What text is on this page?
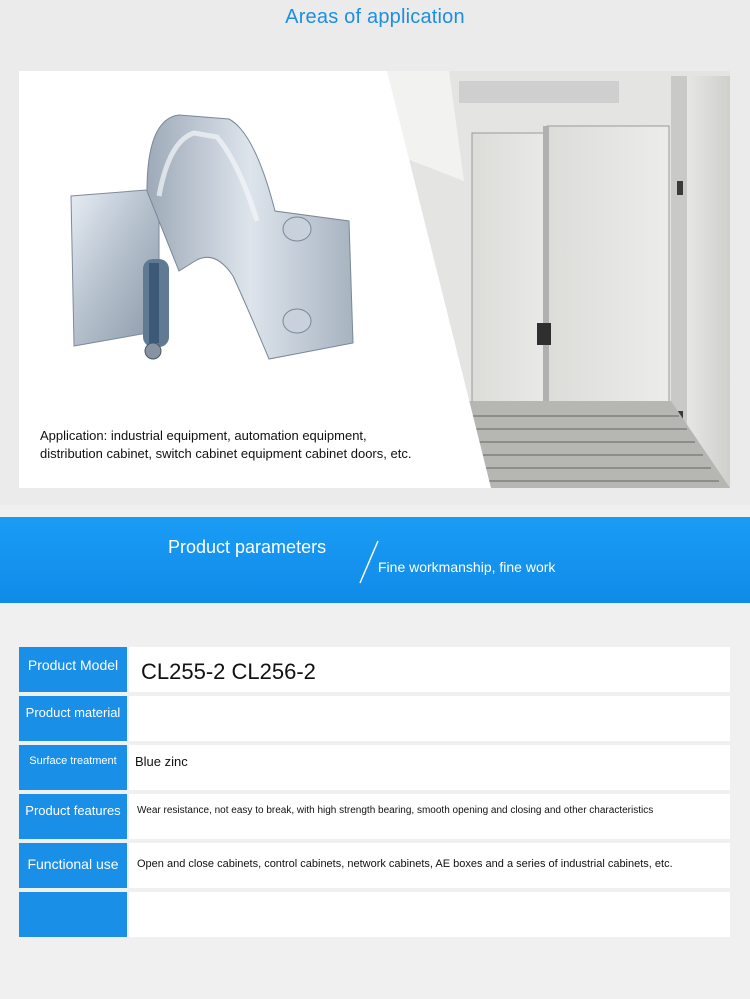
Areas of application
Application: industrial equipment, automation equipment, distribution cabinet, switch cabinet equipment cabinet doors, etc.
Product parameters
Fine workmanship, fine work
Product Model	CL255-2 CL256-2
Product material
Surface treatment	Blue zinc
Product features	Wear resistance, not easy to break, with high strength bearing, smooth opening and closing and other characteristics
Functional use	Open and close cabinets, control cabinets, network cabinets, AE boxes and a series of industrial cabinets, etc.
